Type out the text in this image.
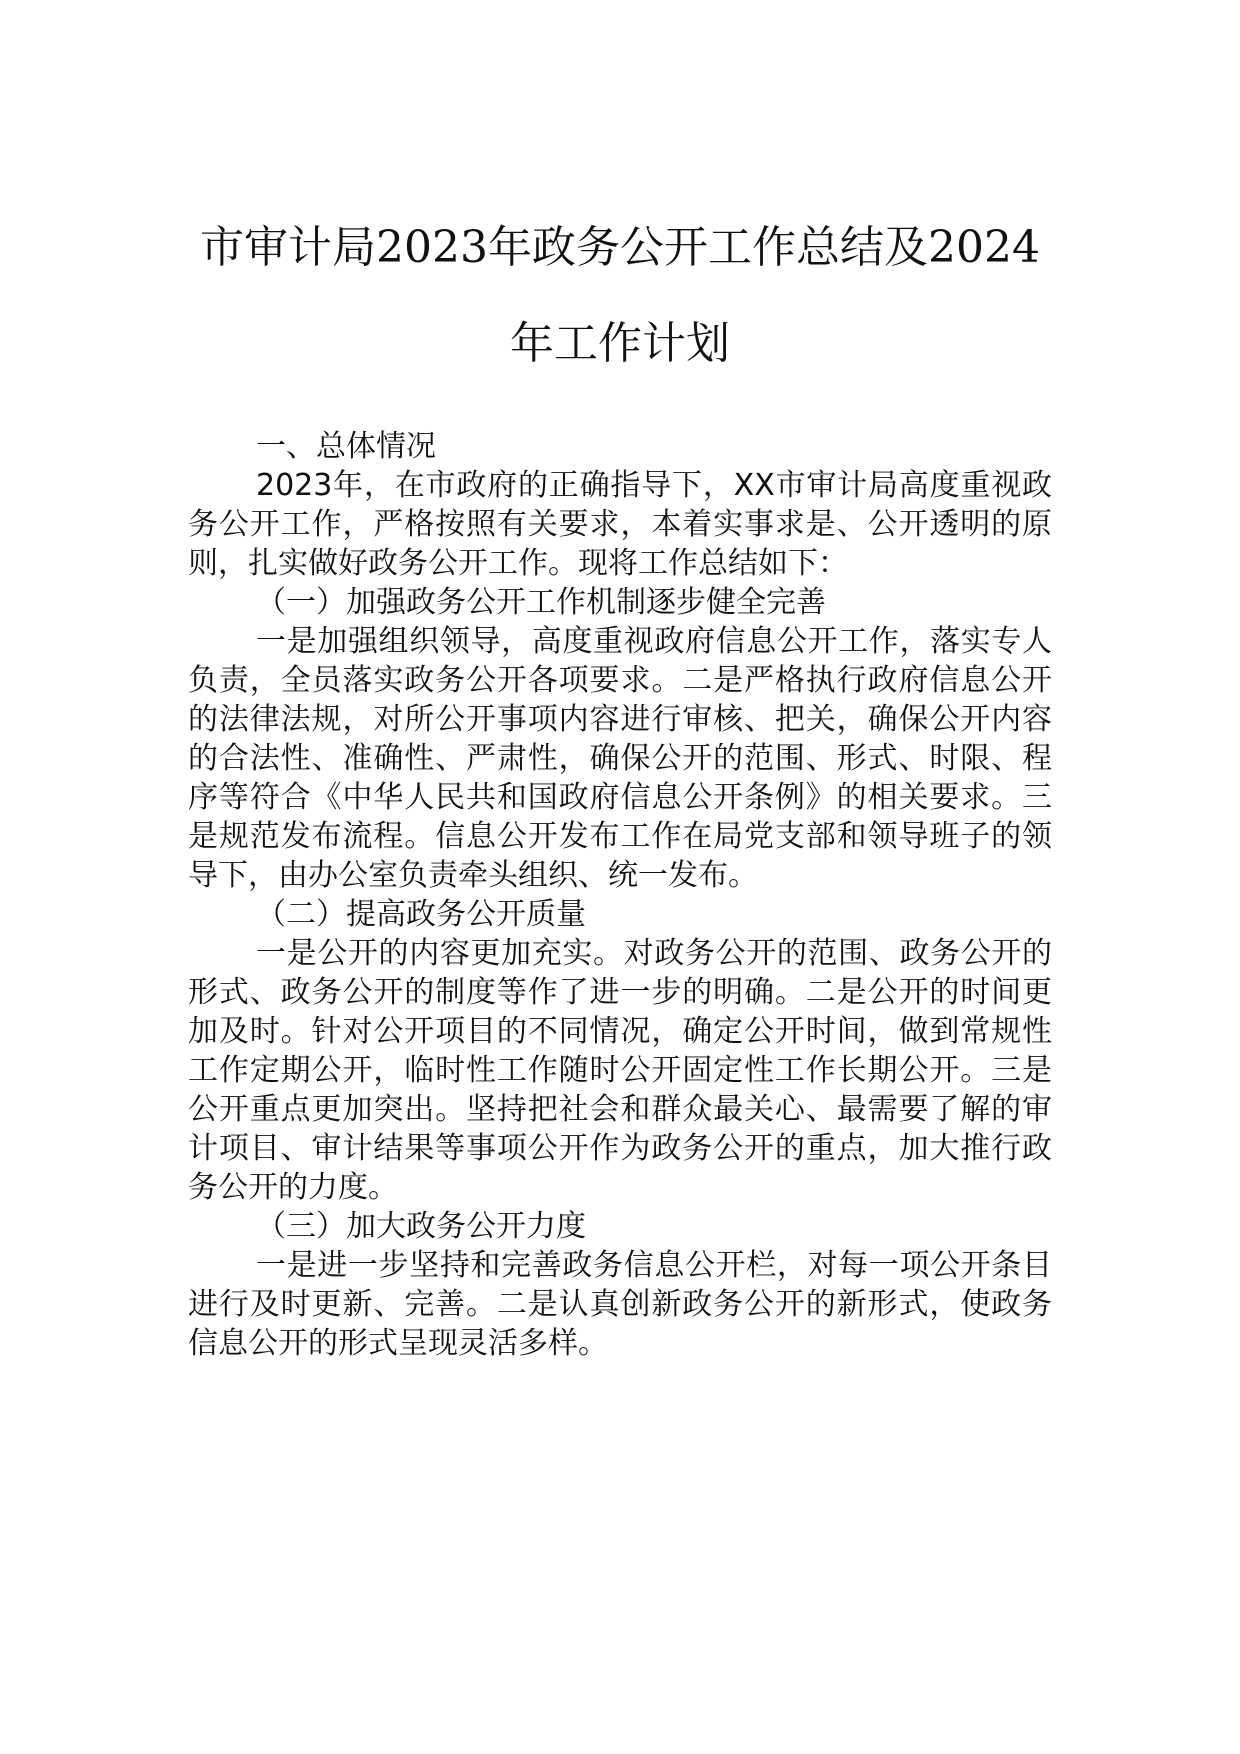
市审计局2023年政务公开工作总结及2024
年工作计划

一、总体情况

2023年，在市政府的正确指导下，XX市审计局高度重视政务公开工作，严格按照有关要求，本着实事求是、公开透明的原则，扎实做好政务公开工作。现将工作总结如下：

（一）加强政务公开工作机制逐步健全完善

一是加强组织领导，高度重视政府信息公开工作，落实专人负责，全员落实政务公开各项要求。二是严格执行政府信息公开的法律法规，对所公开事项内容进行审核、把关，确保公开内容的合法性、准确性、严肃性，确保公开的范围、形式、时限、程序等符合《中华人民共和国政府信息公开条例》的相关要求。三是规范发布流程。信息公开发布工作在局党支部和领导班子的领导下，由办公室负责牵头组织、统一发布。

（二）提高政务公开质量

一是公开的内容更加充实。对政务公开的范围、政务公开的形式、政务公开的制度等作了进一步的明确。二是公开的时间更加及时。针对公开项目的不同情况，确定公开时间，做到常规性工作定期公开，临时性工作随时公开固定性工作长期公开。三是公开重点更加突出。坚持把社会和群众最关心、最需要了解的审计项目、审计结果等事项公开作为政务公开的重点，加大推行政务公开的力度。

（三）加大政务公开力度

一是进一步坚持和完善政务信息公开栏，对每一项公开条目进行及时更新、完善。二是认真创新政务公开的新形式，使政务信息公开的形式呈现灵活多样。
